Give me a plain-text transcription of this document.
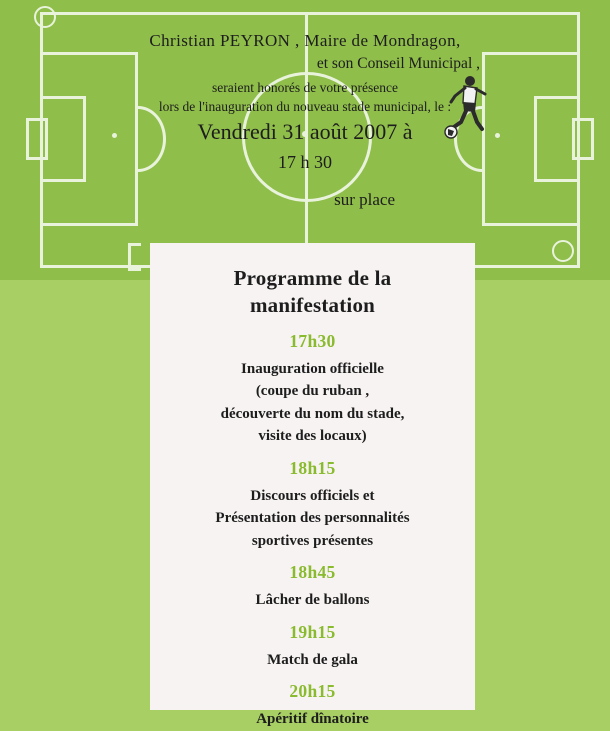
Christian PEYRON , Maire de Mondragon,
et son Conseil Municipal ,
seraient honorés de votre présence
lors de l'inauguration du nouveau stade municipal, le :
Vendredi 31 août 2007 à
17 h 30
sur place
Programme de la
manifestation
17h30
Inauguration officielle
(coupe du ruban ,
découverte du nom du stade,
visite des locaux)
18h15
Discours officiels et
Présentation des personnalités
sportives présentes
18h45
Lâcher de ballons
19h15
Match de gala
20h15
Apéritif dînatoire
